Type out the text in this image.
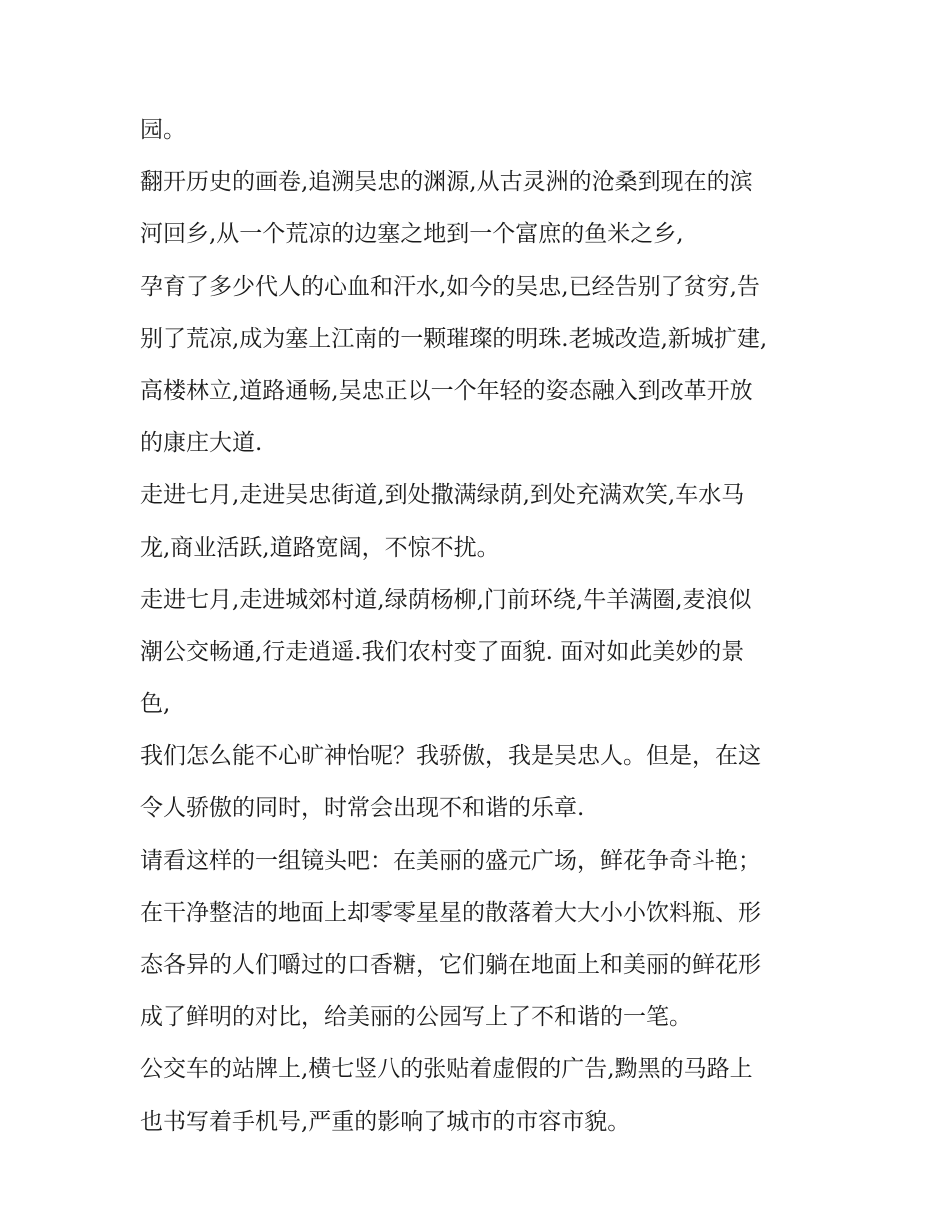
园。
翻开历史的画卷,追溯吴忠的渊源,从古灵洲的沧桑到现在的滨
河回乡,从一个荒凉的边塞之地到一个富庶的鱼米之乡,
孕育了多少代人的心血和汗水,如今的吴忠,已经告别了贫穷,告
别了荒凉,成为塞上江南的一颗璀璨的明珠.老城改造,新城扩建,
高楼林立,道路通畅,吴忠正以一个年轻的姿态融入到改革开放
的康庄大道.
走进七月,走进吴忠街道,到处撒满绿荫,到处充满欢笑,车水马
龙,商业活跃,道路宽阔，不惊不扰。
走进七月,走进城郊村道,绿荫杨柳,门前环绕,牛羊满圈,麦浪似
潮公交畅通,行走逍遥.我们农村变了面貌. 面对如此美妙的景
色,
我们怎么能不心旷神怡呢？我骄傲，我是吴忠人。但是，在这
令人骄傲的同时，时常会出现不和谐的乐章.
请看这样的一组镜头吧：在美丽的盛元广场，鲜花争奇斗艳；
在干净整洁的地面上却零零星星的散落着大大小小饮料瓶、形
态各异的人们嚼过的口香糖，它们躺在地面上和美丽的鲜花形
成了鲜明的对比，给美丽的公园写上了不和谐的一笔。
公交车的站牌上,横七竖八的张贴着虚假的广告,黝黑的马路上
也书写着手机号,严重的影响了城市的市容市貌。
